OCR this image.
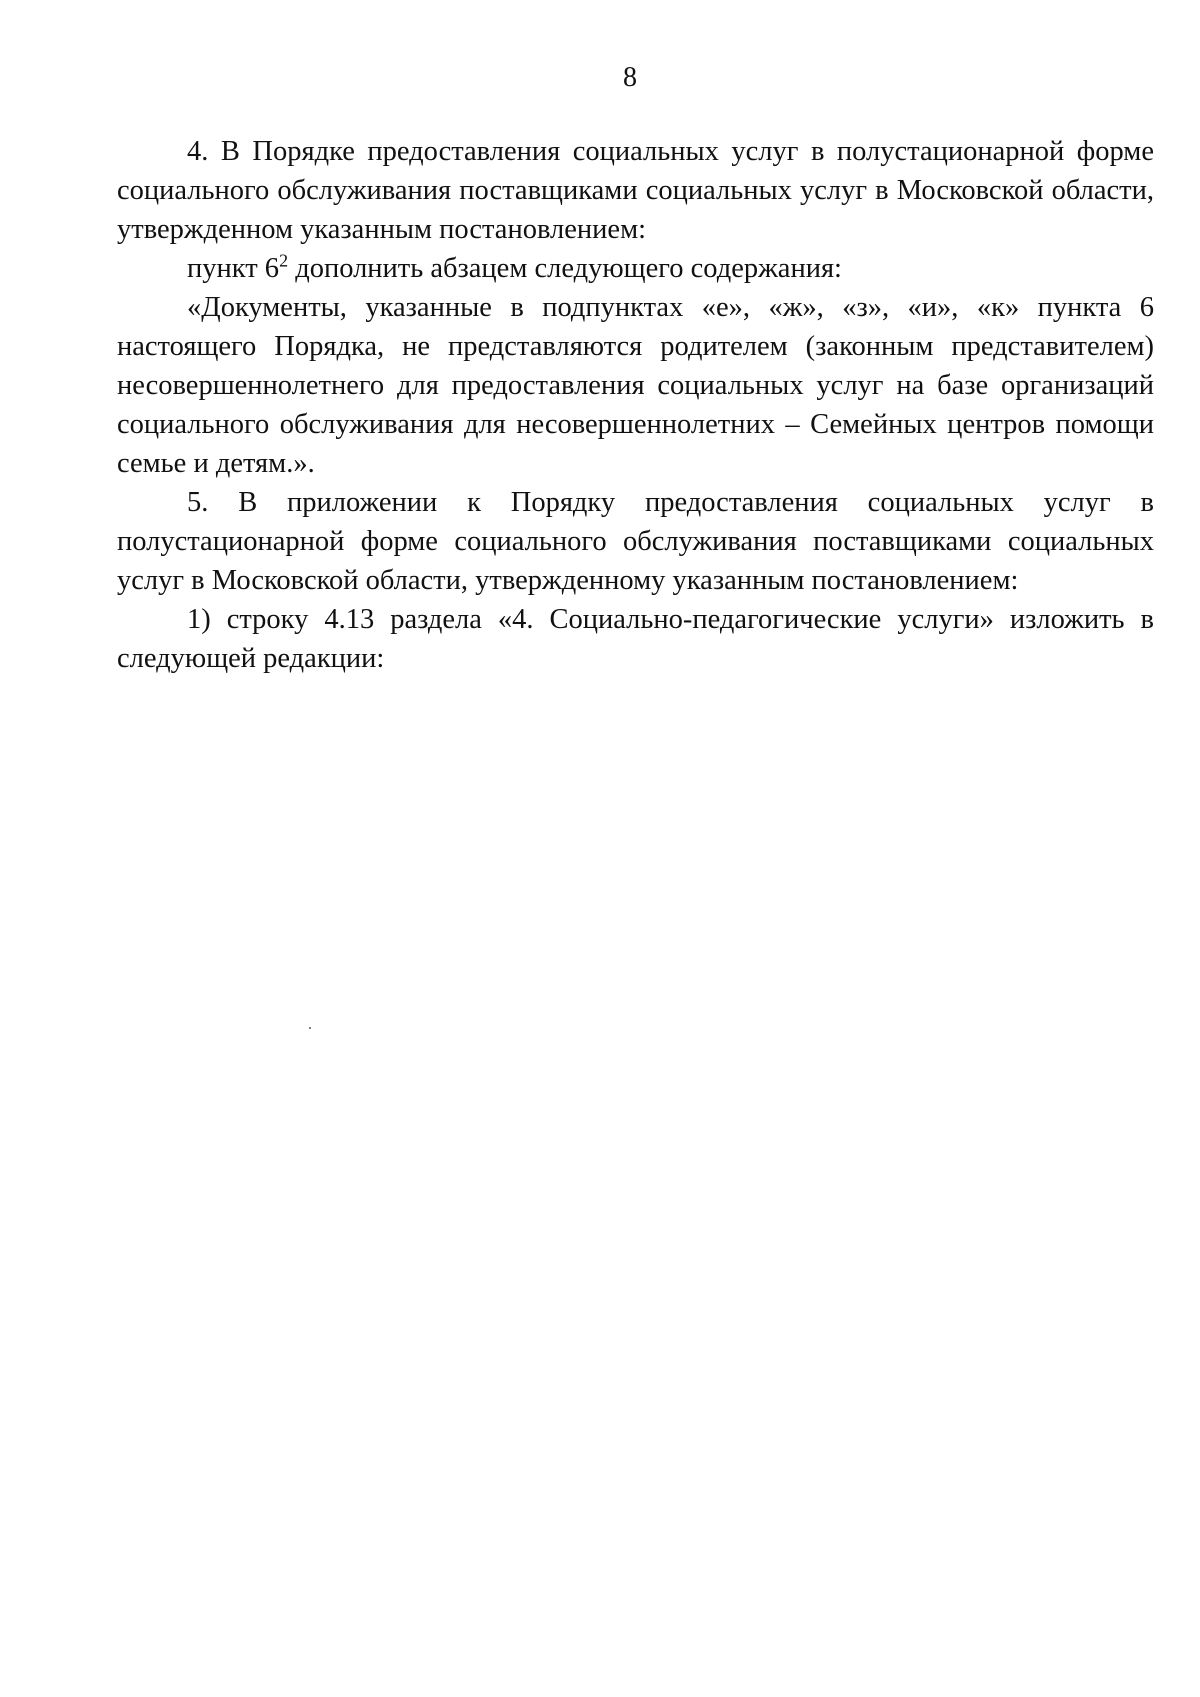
8

4. В Порядке предоставления социальных услуг в полустационарной форме социального обслуживания поставщиками социальных услуг в Московской области, утвержденном указанным постановлением:

пункт $6^2$ дополнить абзацем следующего содержания:

«Документы, указанные в подпунктах «е», «ж», «з», «и», «к» пункта 6 настоящего Порядка, не представляются родителем (законным представителем) несовершеннолетнего для предоставления социальных услуг на базе организаций социального обслуживания для несовершеннолетних – Семейных центров помощи семье и детям.».

5. В приложении к Порядку предоставления социальных услуг в полустационарной форме социального обслуживания поставщиками социальных услуг в Московской области, утвержденному указанным постановлением:

1) строку 4.13 раздела «4. Социально-педагогические услуги» изложить в следующей редакции:
